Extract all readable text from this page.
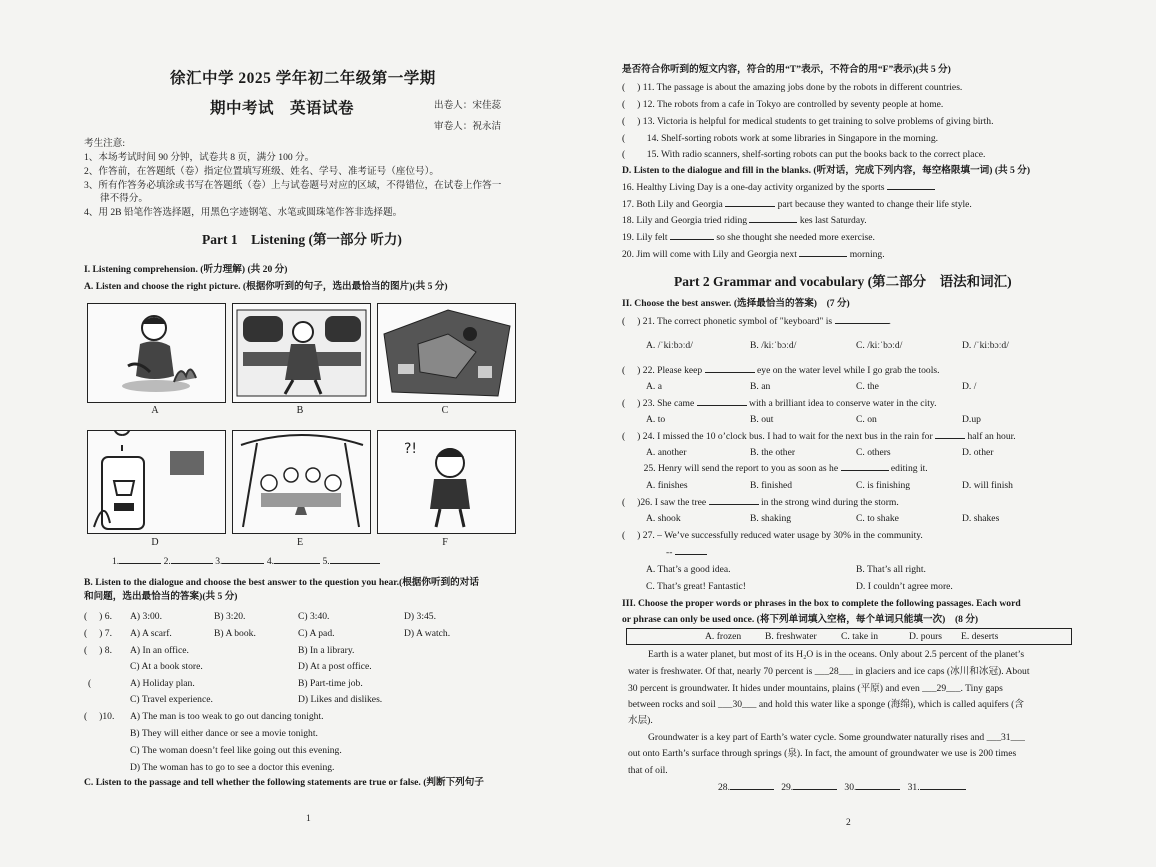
徐汇中学 2025 学年初二年级第一学期
期中考试　英语试卷	出卷人：宋佳蕊
审卷人：祝永洁
考生注意:
1、本场考试时间 90 分钟，试卷共 8 页，满分 100 分。
2、作答前，在答题纸（卷）指定位置填写班级、姓名、学号、准考证号（座位号）。
3、所有作答务必填涂或书写在答题纸（卷）上与试卷题号对应的区域，不得错位，在试卷上作答一
律不得分。
4、用 2B 铅笔作答选择题，用黑色字迹钢笔、水笔或圆珠笔作答非选择题。
Part 1　Listening (第一部分 听力)
I. Listening comprehension. (听力理解) (共 20 分)
A. Listen and choose the right picture. (根据你听到的句子，选出最恰当的图片)(共 5 分)
A	B	C
D	E
?!
F
1.	2.	3.	4.	5.
B. Listen to the dialogue and choose the best answer to the question you hear.(根据你听到的对话
和问题，选出最恰当的答案)(共 5 分)
(　 ) 6. A) 3:00.	B) 3:20.	C) 3:40.	D) 3:45.
(　 ) 7. A) A scarf.	B) A book.	C) A pad.	D) A watch.
(　 ) 8. A) In an office.	B) In a library.
C) At a book store.	D) At a post office.
(	A) Holiday plan.	B) Part-time job.
C) Travel experience.	D) Likes and dislikes.
(　 )10. A) The man is too weak to go out dancing tonight.
B) They will either dance or see a movie tonight.
C) The woman doesn’t feel like going out this evening.
D) The woman has to go to see a doctor this evening.
C. Listen to the passage and tell whether the following statements are true or false. (判断下列句子
1
是否符合你听到的短文内容，符合的用“T”表示，不符合的用“F”表示)(共 5 分)
(　 ) 11. The passage is about the amazing jobs done by the robots in different countries.
(　 ) 12. The robots from a cafe in Tokyo are controlled by seventy people at home.
(　 ) 13. Victoria is helpful for medical students to get training to solve problems of giving birth.
(　　 14. Shelf-sorting robots work at some libraries in Singapore in the morning.
(　　 15. With radio scanners, shelf-sorting robots can put the books back to the correct place.
D. Listen to the dialogue and fill in the blanks. (听对话，完成下列内容，每空格限填一词) (共 5 分)
16. Healthy Living Day is a one-day activity organized by the sports
17. Both Lily and Georgia	part because they wanted to change their life style.
18. Lily and Georgia tried riding	kes last Saturday.
19. Lily felt	so she thought she needed more exercise.
20. Jim will come with Lily and Georgia next	morning.
Part 2 Grammar and vocabulary (第二部分　语法和词汇)
II. Choose the best answer. (选择最恰当的答案)　(7 分)
(　 ) 21. The correct phonetic symbol of "keyboard" is	.
A. /ˈkiːbɔːd/	B. /kiːˈbɔːd/	C. /kiːˈbɔːd/	D. /ˈkiːbɔːd/
(　 ) 22. Please keep	eye on the water level while I go grab the tools.
A. a	B. an	C. the	D. /
(　 ) 23. She came	with a brilliant idea to conserve water in the city.
A. to	B. out	C. on	D.up
(　 ) 24. I missed the 10 o’clock bus. I had to wait for the next bus in the rain for	half an hour.
A. another	B. the other	C. others	D. other
　　 25. Henry will send the report to you as soon as he	editing it.
A. finishes	B. finished	C. is finishing	D. will finish
(　 )26. I saw the tree	in the strong wind during the storm.
A. shook	B. shaking	C. to shake	D. shakes
(　 ) 27. – We’ve successfully reduced water usage by 30% in the community.
--
A. That’s a good idea.	B. That’s all right.
C. That’s great! Fantastic!	D. I couldn’t agree more.
III. Choose the proper words or phrases in the box to complete the following passages. Each word
or phrase can only be used once. (将下列单词填入空格，每个单词只能填一次)　(8 分)
A. frozen B. freshwater	C. take in	D. pours E. deserts
Earth is a water planet, but most of its H₂O is in the oceans. Only about 2.5 percent of the planet’s
water is freshwater. Of that, nearly 70 percent is ___28___ in glaciers and ice caps (冰川和冰冠). About
30 percent is groundwater. It hides under mountains, plains (平原) and even ___29___. Tiny gaps
between rocks and soil ___30___ and hold this water like a sponge (海绵), which is called aquifers (含
水层).
Groundwater is a key part of Earth’s water cycle. Some groundwater naturally rises and ___31___
out onto Earth’s surface through springs (泉). In fact, the amount of groundwater we use is 200 times
that of oil.
28.	29.	30.	31.
2
